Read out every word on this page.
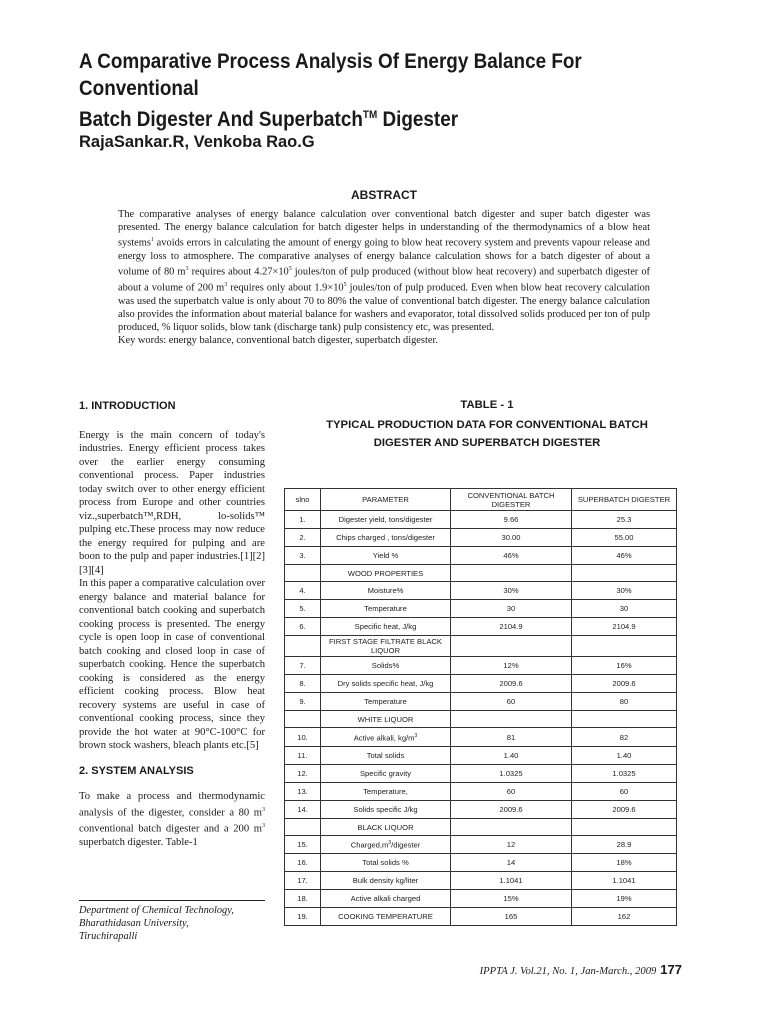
A Comparative Process Analysis Of Energy Balance For Conventional
Batch Digester And Superbatch™ Digester
RajaSankar.R, Venkoba Rao.G
ABSTRACT

The comparative analyses of energy balance calculation over conventional batch digester and super batch digester was presented. The energy balance calculation for batch digester helps in understanding of the thermodynamics of a blow heat systems$^1$ avoids errors in calculating the amount of energy going to blow heat recovery system and prevents vapour release and energy loss to atmosphere. The comparative analyses of energy balance calculation shows for a batch digester of about a volume of 80 $m^3$ requires about $4.27\times 10^5$ joules/ton of pulp produced (without blow heat recovery) and superbatch digester of about a volume of 200 $m^3$ requires only about $1.9\times 10^5$ joules/ton of pulp produced. Even when blow heat recovery calculation was used the superbatch value is only about 70 to 80% the value of conventional batch digester. The energy balance calculation also provides the information about material balance for washers and evaporator, total dissolved solids produced per ton of pulp produced, % liquor solids, blow tank (discharge tank) pulp consistency etc, was presented.

Key words: energy balance, conventional batch digester, superbatch digester.

1. INTRODUCTION

Energy is the main concern of today's industries. Energy efficient process takes over the earlier energy consuming conventional process. Paper industries today switch over to other energy efficient process from Europe and other countries viz.,superbatch™,RDH, lo-solids™ pulping etc.These process may now reduce the energy required for pulping and are boon to the pulp and paper industries.[1][2][3][4]

In this paper a comparative calculation over energy balance and material balance for conventional batch cooking and superbatch cooking process is presented. The energy cycle is open loop in case of conventional batch cooking and closed loop in case of superbatch cooking. Hence the superbatch cooking is considered as the energy efficient cooking process. Blow heat recovery systems are useful in case of conventional cooking process, since they provide the hot water at 90°C-100°C for brown stock washers, bleach plants etc.[5]

2. SYSTEM ANALYSIS

To make a process and thermodynamic analysis of the digester, consider a 80 $m^3$ conventional batch digester and a 200 $m^3$ superbatch digester. Table-1

Department of Chemical Technology,
Bharathidasan University,
Tiruchirapalli
TABLE - 1
TYPICAL PRODUCTION DATA FOR CONVENTIONAL BATCH
DIGESTER AND SUPERBATCH DIGESTER
slno	PARAMETER	CONVENTIONAL BATCH DIGESTER	SUPERBATCH DIGESTER
1.	Digester yield, tons/digester	9.66	25.3
2.	Chips charged , tons/digester	30.00	55.00
3.	Yield %	46%	46%
	WOOD PROPERTIES		
4.	Moisture%	30%	30%
5.	Temperature	30	30
6.	Specific heat, J/kg	2104.9	2104.9
	FIRST STAGE FILTRATE BLACK LIQUOR		
7.	Solids%	12%	16%
8.	Dry solids specific heat, J/kg	2009.6	2009.6
9.	Temperature	60	80
	WHITE LIQUOR		
10.	Active alkali, $kg/m^3$	81	82
11.	Total solids	1.40	1.40
12.	Specific gravity	1.0325	1.0325
13.	Temperature,	60	60
14.	Solids specific J/kg	2009.6	2009.6
	BLACK LIQUOR		
15.	$Charged,m^3$/digester	12	28.9
16.	Total solids %	14	18%
17.	Bulk density kg/liter	1.1041	1.1041
18.	Active alkali charged	15%	19%
19.	COOKING TEMPERATURE	165	162
IPPTA J. Vol.21, No. 1, Jan-March., 2009 177
